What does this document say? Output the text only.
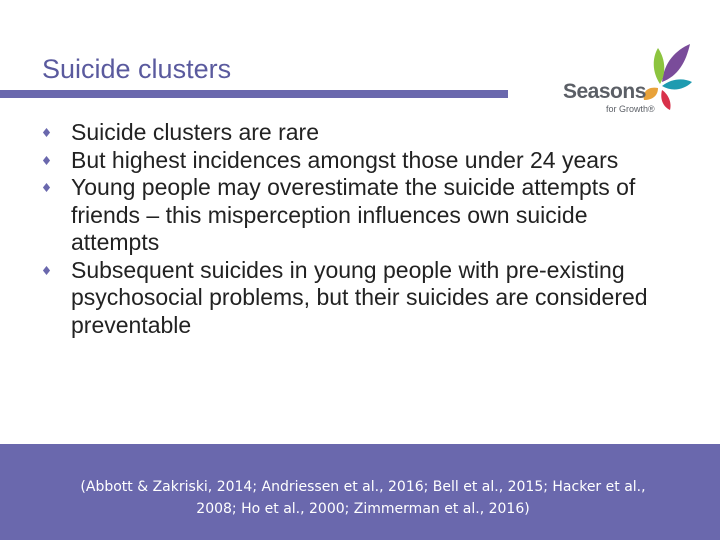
Suicide clusters
Seasons
for Growth®
Suicide clusters are rare
But highest incidences amongst those under 24 years
Young people may overestimate the suicide attempts of friends – this misperception influences own suicide attempts
Subsequent suicides in young people with pre-existing psychosocial problems, but their suicides are considered preventable
(Abbott & Zakriski, 2014; Andriessen et al., 2016; Bell et al., 2015; Hacker et al., 2008; Ho et al., 2000; Zimmerman et al., 2016)
